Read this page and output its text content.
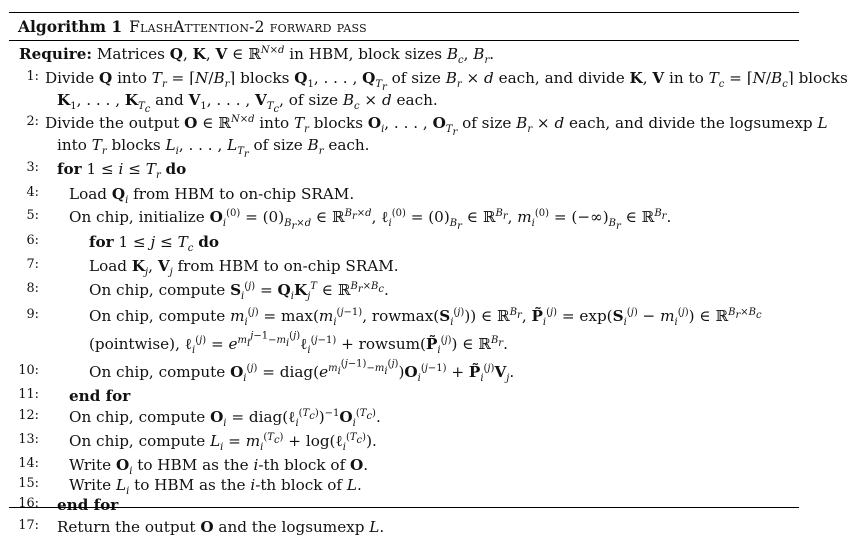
Algorithm 1 FlashAttention-2 forward pass
Require: Matrices Q, K, V ∈ ℝ$^{N\times d}$ in HBM, block sizes $B_c$, $B_r$.
1: Divide Q into $T_r$ = $⌈N/B_r⌉$ blocks $Q_1$, . . . , $Q_{T_r}$ of size $B_r \times d$ each, and divide K, V in to $T_c$ = $⌈N/B_c⌉$ blocks
$K_1$, . . . , $K_{T_c}$ and $V_1$, . . . , $V_{T_c}$, of size $B_c \times d$ each.
2: Divide the output O ∈ ℝ$^{N\times d}$ into $T_r$ blocks $O_i$, . . . , $O_{T_r}$ of size $B_r \times d$ each, and divide the logsumexp L
into $T_r$ blocks $L_i$, . . . , $L_{T_r}$ of size $B_r$ each.
3: for $1 \le i \le T_r$ do
4: Load $Q_i$ from HBM to on-chip SRAM.
5: On chip, initialize $O_i^{(0)} = (0)_{B_r\times d}$ ∈ ℝ$^{B_r\times d}$, ℓ$_i^{(0)}$ = $(0)_{B_r}$ ∈ ℝ$^{B_r}$, $m_i^{(0)} = (-\infty)_{B_r}$ ∈ ℝ$^{B_r}$.
6:	for $1 \le j \le T_c$ do
7:	Load $K_j$, $V_j$ from HBM to on-chip SRAM.
8:	On chip, compute $S_i^{(j)} = Q_iK_j^T$ ∈ ℝ$^{B_r\times B_c}$.
9:	On chip, compute $m_i^{(j)} = \max(m_i^{(j-1)}$, $rowmax(S_i^{(j)})$) ∈ ℝ$^{B_r}$, $P̃_i^{(j)} = \exp(S_i^{(j)} - m_i^{(j)})$ ∈ ℝ$^{B_r\times B_c}$
(pointwise), ℓ$_i^{(j)}$ = $e^{m_i^{j-1}-m_i^{(j)}}\ell_i^{(j-1)}$ + $rowsum(P̃_i^{(j)})$ ∈ ℝ$^{B_r}$.
10:	On chip, compute $O_i^{(j)}$ = $diag(e^{m_i^{(j-1)}-m_i^{(j)}})O_i^{(j-1)}$ + $P̃_i^{(j)}V_j$.
11: end for
12: On chip, compute $O_i$ = $diag(\ell_i^{(T_c)})^{-1}O_i^{(T_c)}$.
13: On chip, compute $L_i = m_i^{(T_c)}$ + log(ℓ$_i^{(T_c)}$).
14: Write $O_i$ to HBM as the i-th block of O.
15: Write $L_i$ to HBM as the i-th block of L.
16: end for
17: Return the output O and the logsumexp L.
